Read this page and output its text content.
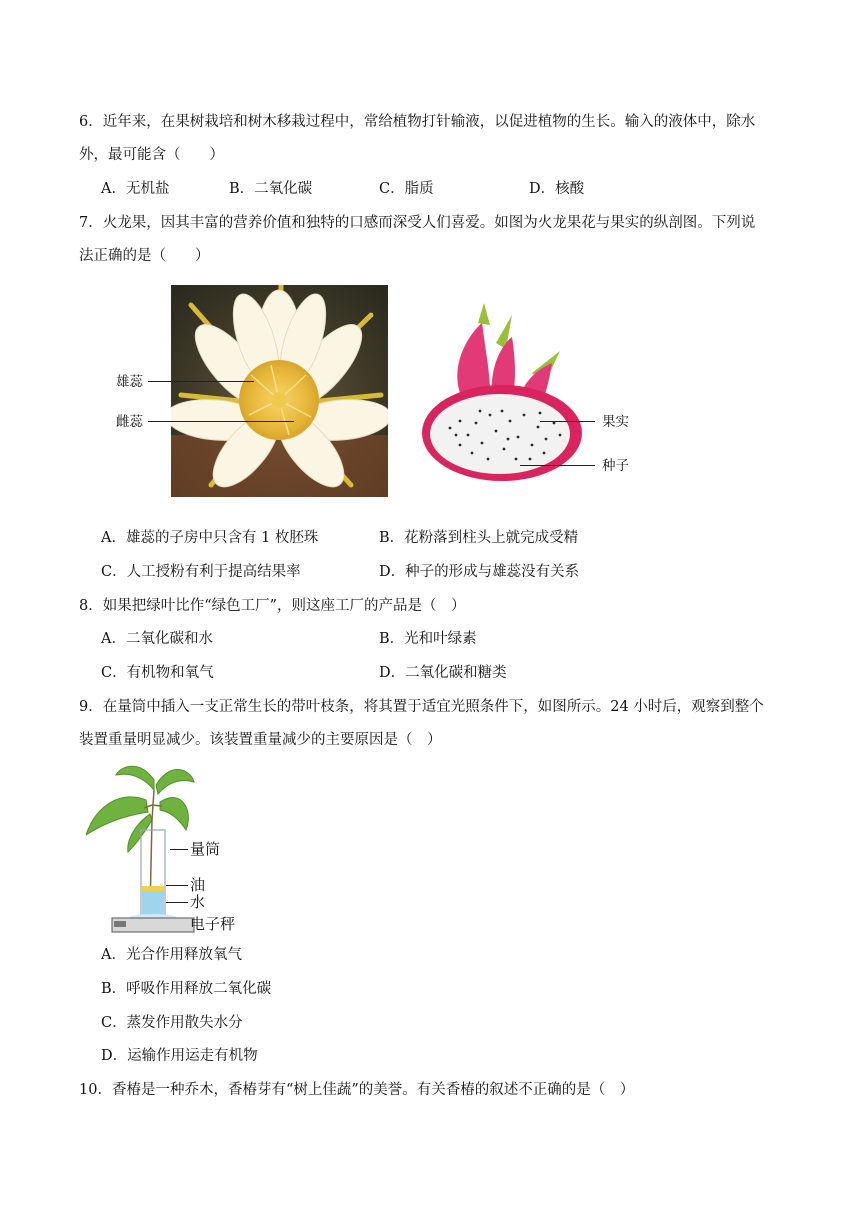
6．近年来，在果树栽培和树木移栽过程中，常给植物打针输液，以促进植物的生长。输入的液体中，除水
外，最可能含（　　）
A．无机盐	B．二氧化碳	C．脂质	D．核酸
7．火龙果，因其丰富的营养价值和独特的口感而深受人们喜爱。如图为火龙果花与果实的纵剖图。下列说
法正确的是（　　）
雄蕊
雌蕊	果实
种子
A．雄蕊的子房中只含有 1 枚胚珠	B．花粉落到柱头上就完成受精
C．人工授粉有利于提高结果率	D．种子的形成与雄蕊没有关系
8．如果把绿叶比作“绿色工厂”，则这座工厂的产品是（　）
A．二氧化碳和水	B．光和叶绿素
C．有机物和氧气	D．二氧化碳和糖类
9．在量筒中插入一支正常生长的带叶枝条，将其置于适宜光照条件下，如图所示。24 小时后，观察到整个
装置重量明显减少。该装置重量减少的主要原因是（　）
量筒
油
水
电子秤
A．光合作用释放氧气
B．呼吸作用释放二氧化碳
C．蒸发作用散失水分
D．运输作用运走有机物
10．香椿是一种乔木，香椿芽有“树上佳蔬”的美誉。有关香椿的叙述不正确的是（　）
